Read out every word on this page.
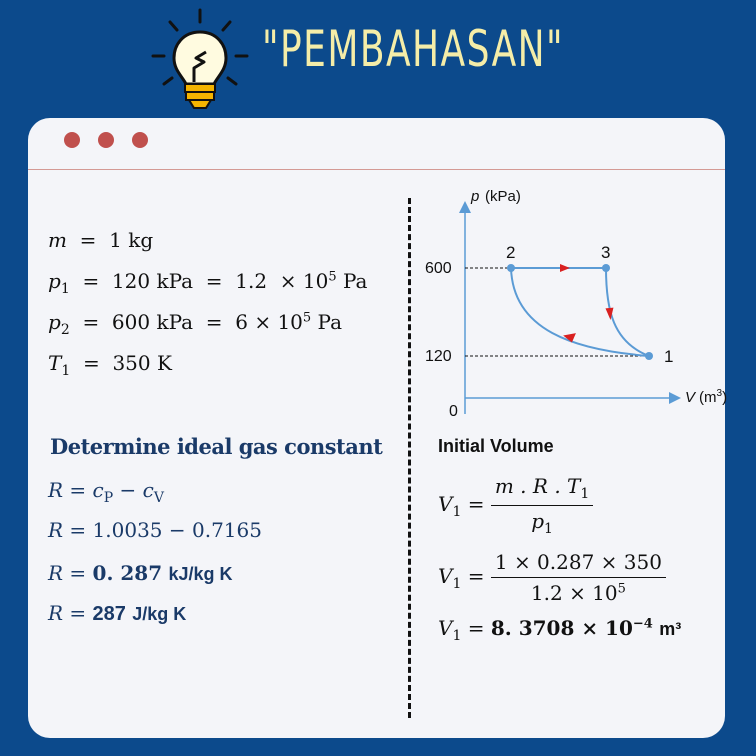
"PEMBAHASAN"
m  =  1 kg
$p_1 = 120$ kPa  =  $1.2 \times 10^5$ Pa
$p_2 = 600$ kPa  =  $6 \times 10^5$ Pa
$T_1 = 350$ K
Determine ideal gas constant
$R = c_P - c_V$
R = 1.0035 − 0.7165
R = 0. 287 kJ/kg K
R = 287 J/kg K
p (kPa)
V $(m^3)$
0
600
120
2	3
1
Initial Volume
$V_1 = \frac{m . R . T_1}{p_1}$
$V_1 = \frac{1 \times 0.287 \times 350}{1.2 \times 10^5}$
$V_1 = 8$. $3708 \times 10^{-4}$ m³
